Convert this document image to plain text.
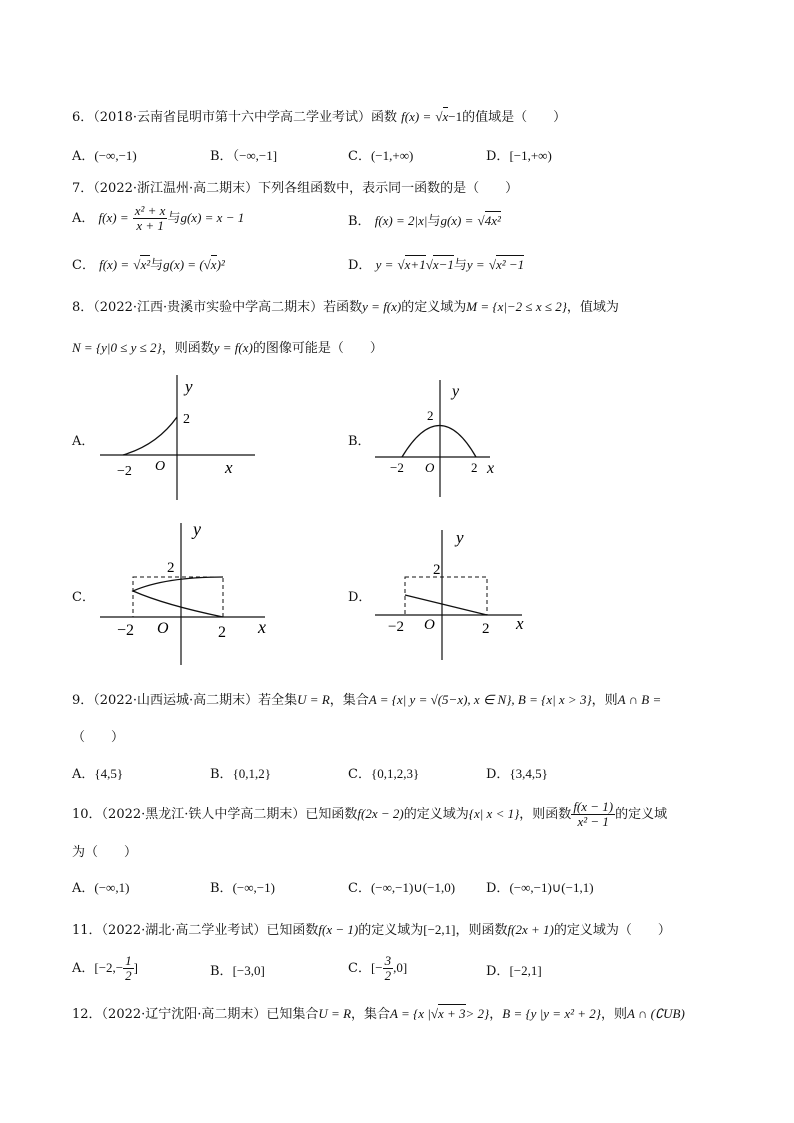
6．（2018·云南省昆明市第十六中学高二学业考试）函数 f(x) = √x−1的值域是（　　）
A．(−∞,−1)	B．（−∞,−1]	C．(−1,+∞)	D．[−1,+∞)
7．（2022·浙江温州·高二期末）下列各组函数中，表示同一函数的是（　　）
A． $f(x) = \frac{\text{x² + x}}{x + 1}$ 与g(x) = x − 1	B． f(x) = 2|x|与g(x) = √4x²
C． f(x) = √x²与g(x) = (√x)²	D． y = √x+1√x−1与y = √x² −1
8．（2022·江西·贵溪市实验中学高二期末）若函数y = f(x)的定义域为M = {x|−2 ≤ x ≤ 2}，值域为
N = {y|0 ≤ y ≤ 2}，则函数y = f(x)的图像可能是（　　）
A．
y
2
−2 O	x
B．
y
2
−2 O	2 x
C．
y
2
−2 O	2 x
D．
y
2
−2 O	2 x
9．（2022·山西运城·高二期末）若全集U = R，集合A = {x| y = √(5−x), x ∈ N}, B = {x| x > 3}，则A ∩ B =
（　　）
A．{4,5}	B．{0,1,2}	C．{0,1,2,3}	D．{3,4,5}
10．（2022·黑龙江·铁人中学高二期末）已知函数f(2x − 2)的定义域为{x| x < 1}，则函数 $\frac{f(x - 1)}{\text{x² − 1}}$ 的定义域
为（　　）
A．(−∞,1)	B．(−∞,−1)	C．(−∞,−1)∪(−1,0) D．(−∞,−1)∪(−1,1)
11．（2022·湖北·高二学业考试）已知函数f(x − 1)的定义域为[−2,1]，则函数f(2x + 1)的定义域为（　　）
A．[$-2,- \frac{1}{2}$ ]	B．[−3,0]	C．[− $\frac{3}{2} ,0$]	D．[−2,1]
12．（2022·辽宁沈阳·高二期末）已知集合U = R，集合A = {x |√x + 3> 2}，B = {y |y = x² + 2}，则A ∩ (∁UB)
